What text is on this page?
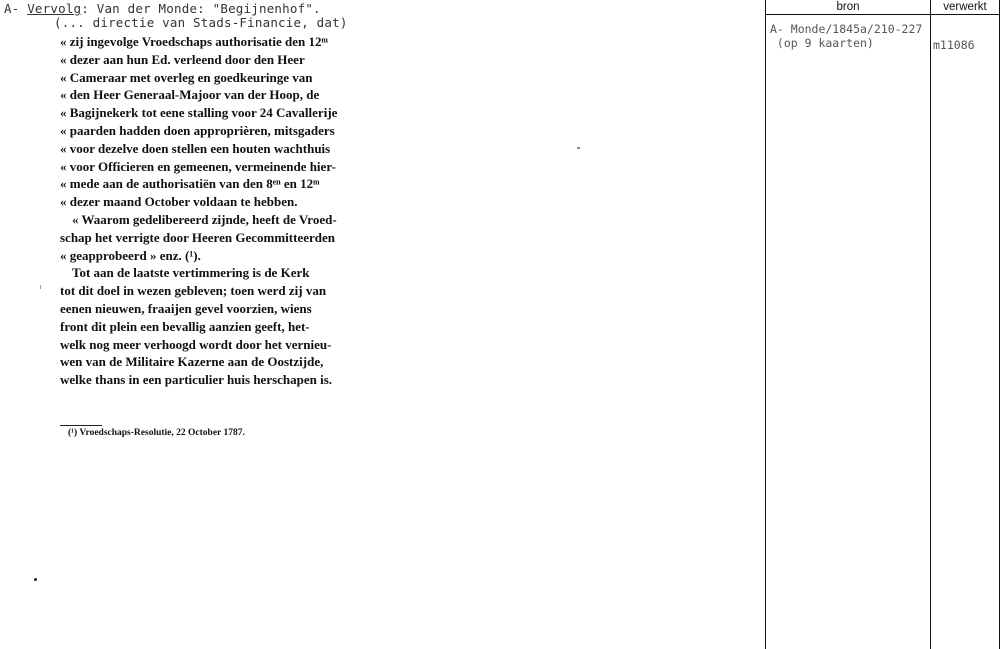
A- Vervolg: Van der Monde: "Begijnenhof".
(... directie van Stads-Financie, dat)
« zij ingevolge Vroedschaps authorisatie den 12ᵐ
« dezer aan hun Ed. verleend door den Heer
« Cameraar met overleg en goedkeuringe van
« den Heer Generaal-Majoor van der Hoop, de
« Bagijnekerk tot eene stalling voor 24 Cavallerije
« paarden hadden doen approprièren, mitsgaders
« voor dezelve doen stellen een houten wachthuis
« voor Officieren en gemeenen, vermeinende hier-
« mede aan de authorisatiën van den 8ᵉⁿ en 12ᵐ
« dezer maand October voldaan te hebben.
« Waarom gedelibereerd zijnde, heeft de Vroed-
schap het verrigte door Heeren Gecommitteerden
« geapprobeerd » enz. (¹).
Tot aan de laatste vertimmering is de Kerk
tot dit doel in wezen gebleven; toen werd zij van
eenen nieuwen, fraaijen gevel voorzien, wiens
front dit plein een bevallig aanzien geeft, het-
welk nog meer verhoogd wordt door het vernieu-
wen van de Militaire Kazerne aan de Oostzijde,
welke thans in een particulier huis herschapen is.
(¹) Vroedschaps-Resolutie, 22 October 1787.
bron	verwerkt
A- Monde/1845a/210-227
(op 9 kaarten)	m11086
